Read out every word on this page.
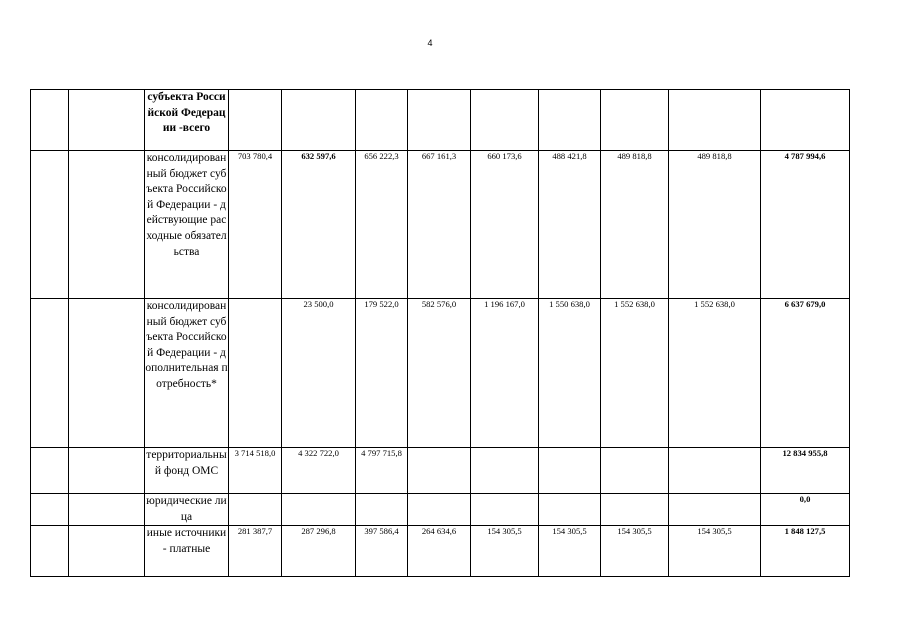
4
		субъекта Российской Федерации -всего									
		консолидированный бюджет субъекта Российской Федерации - действующие расходные обязательства	703 780,4	632 597,6	656 222,3	667 161,3	660 173,6	488 421,8	489 818,8	489 818,8	4 787 994,6
		консолидированный бюджет субъекта Российской Федерации - дополнительная потребность*		23 500,0	179 522,0	582 576,0	1 196 167,0	1 550 638,0	1 552 638,0	1 552 638,0	6 637 679,0
		территориальный фонд ОМС	3 714 518,0	4 322 722,0	4 797 715,8						12 834 955,8
		юридические лица									0,0
		иные источники - платные	281 387,7	287 296,8	397 586,4	264 634,6	154 305,5	154 305,5	154 305,5	154 305,5	1 848 127,5
